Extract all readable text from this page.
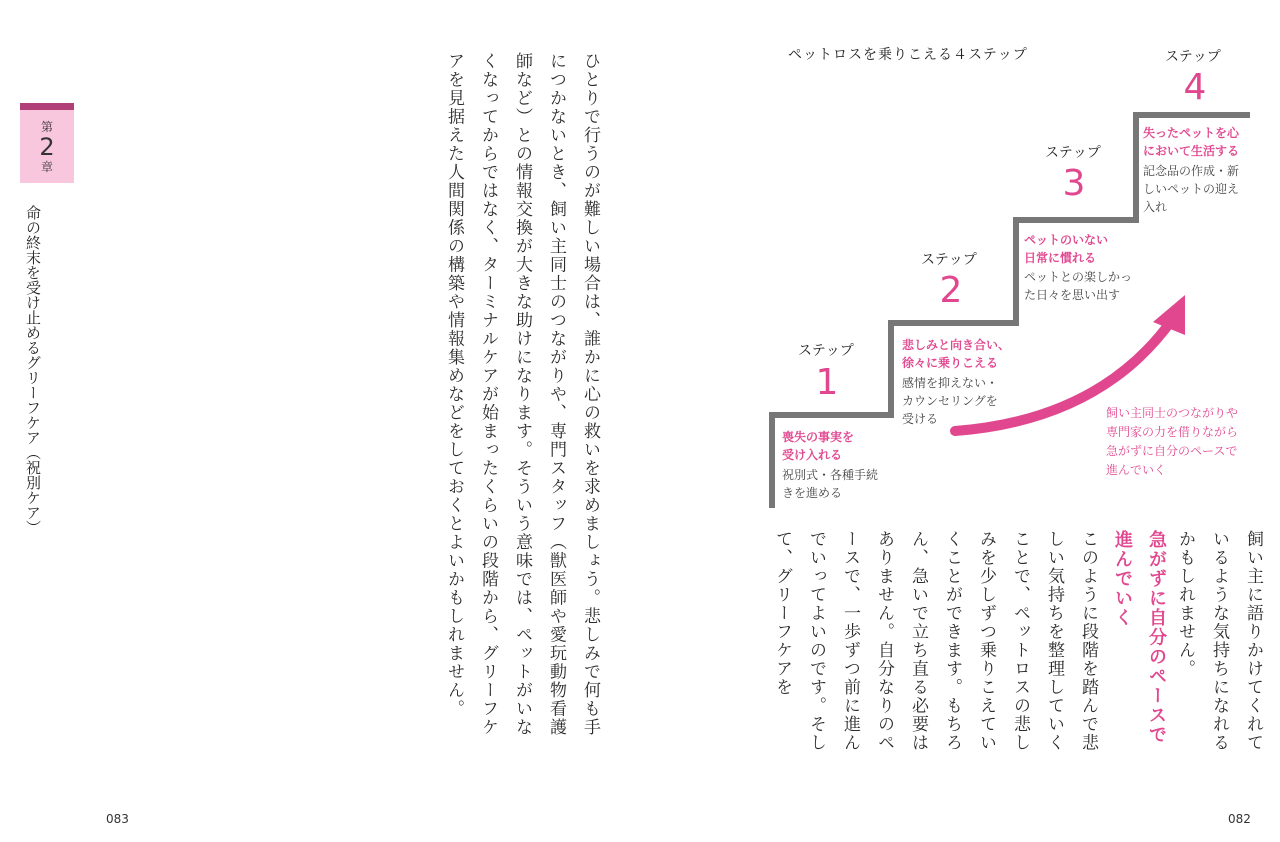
第
2
章
命の終末を受け止めるグリーフケア（祝別ケア）	ひとりで行うのが難しい場合は、誰かに心の救いを求めましょう。悲しみで何も手につかないとき、飼い主同士のつながりや、専門スタッフ（獣医師や愛玩動物看護師など）との情報交換が大きな助けになります。そういう意味では、ペットがいなくなってからではなく、ターミナルケアが始まったくらいの段階から、グリーフケアを見据えた人間関係の構築や情報集めなどをしておくとよいかもしれません。	飼い主に語りかけてくれているような気持ちになれるかもしれません。
急がずに自分のペースで進んでいく
このように段階を踏んで悲しい気持ちを整理していくことで、ペットロスの悲しみを少しずつ乗りこえていくことができます。もちろん、急いで立ち直る必要はありません。自分なりのペースで、一歩ずつ前に進んでいってよいのです。そして、グリーフケアを
ペットロスを乗りこえる４ステップ
ステップ
1
喪失の事実を
受け入れる
祝別式・各種手続
きを進める
ステップ
2
悲しみと向き合い、
徐々に乗りこえる
感情を抑えない・
カウンセリングを
受ける
ステップ
3
ペットのいない
日常に慣れる
ペットとの楽しかっ
た日々を思い出す
ステップ
4
失ったペットを心
において生活する
記念品の作成・新
しいペットの迎え
入れ
飼い主同士のつながりや
専門家の力を借りながら
急がずに自分のペースで
進んでいく
083	082
